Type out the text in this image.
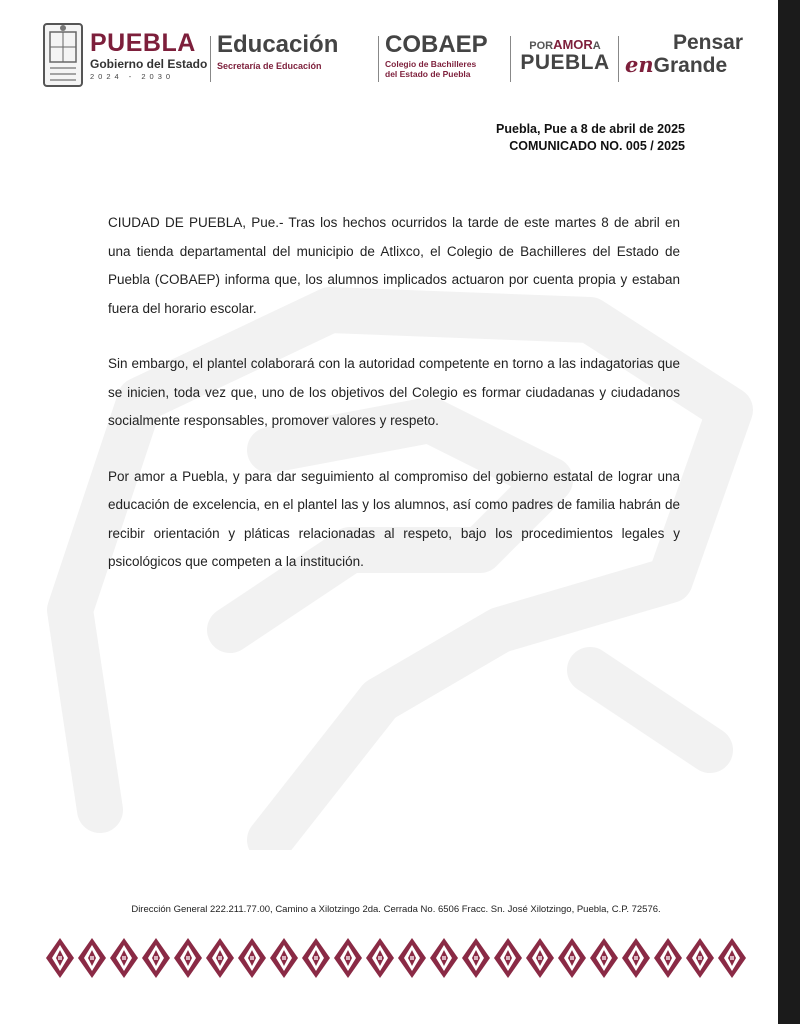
PUEBLA
Gobierno del Estado
2024 - 2030
Educación
Secretaría de Educación
COBAEP
Colegio de Bachilleres
del Estado de Puebla
PORAMORA
PUEBLA
Pensar
enGrande
Puebla, Pue a 8 de abril de 2025
COMUNICADO NO. 005 / 2025

CIUDAD DE PUEBLA, Pue.- Tras los hechos ocurridos la tarde de este martes 8 de abril en una tienda departamental del municipio de Atlixco, el Colegio de Bachilleres del Estado de Puebla (COBAEP) informa que, los alumnos implicados actuaron por cuenta propia y estaban fuera del horario escolar.

Sin embargo, el plantel colaborará con la autoridad competente en torno a las indagatorias que se inicien, toda vez que, uno de los objetivos del Colegio es formar ciudadanas y ciudadanos socialmente responsables, promover valores y respeto.

Por amor a Puebla, y para dar seguimiento al compromiso del gobierno estatal de lograr una educación de excelencia, en el plantel las y los alumnos, así como padres de familia habrán de recibir orientación y pláticas relacionadas al respeto, bajo los procedimientos legales y psicológicos que competen a la institución.

Dirección General 222.211.77.00, Camino a Xilotzingo 2da. Cerrada No. 6506 Fracc. Sn. José Xilotzingo, Puebla, C.P. 72576.
